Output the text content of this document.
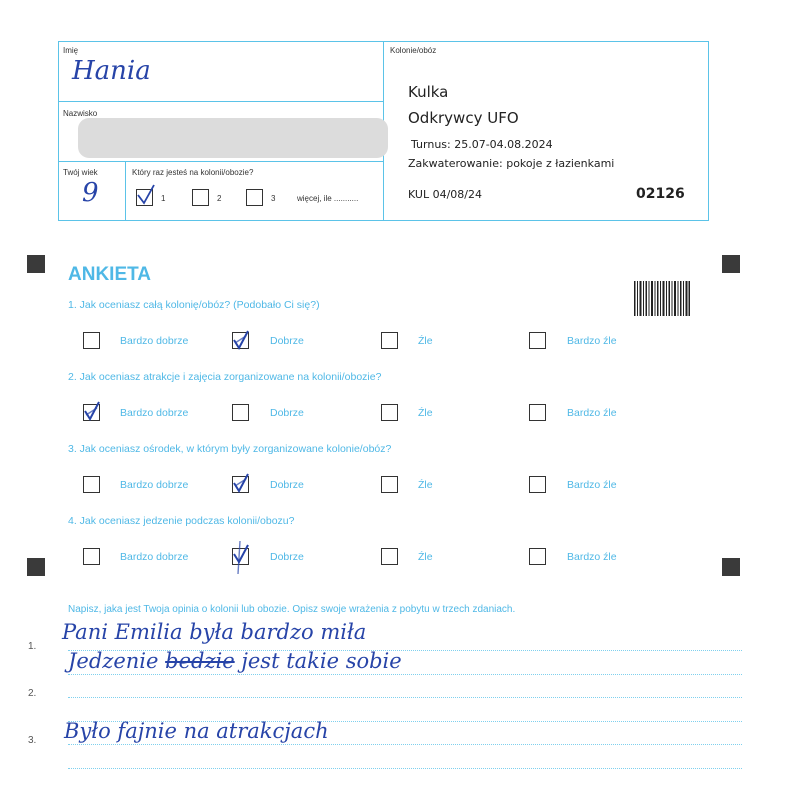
Imię
Hania
Nazwisko
Twój wiek
9
Który raz jesteś na kolonii/obozie?
1	2	3	więcej, ile ...........
Kolonie/obóz
Kulka
Odkrywcy UFO
Turnus: 25.07-04.08.2024
Zakwaterowanie: pokoje z łazienkami
KUL 04/08/24	02126
ANKIETA
1. Jak oceniasz całą kolonię/obóz? (Podobało Ci się?)
Bardzo dobrze	Dobrze	Źle	Bardzo źle
2. Jak oceniasz atrakcje i zajęcia zorganizowane na kolonii/obozie?
Bardzo dobrze	Dobrze	Źle	Bardzo źle
3. Jak oceniasz ośrodek, w którym były zorganizowane kolonie/obóz?
Bardzo dobrze	Dobrze	Źle	Bardzo źle
4. Jak oceniasz jedzenie podczas kolonii/obozu?
Bardzo dobrze	Dobrze	Źle	Bardzo źle
Napisz, jaka jest Twoja opinia o kolonii lub obozie. Opisz swoje wrażenia z pobytu w trzech zdaniach.
1.
Pani Emilia była bardzo miła
Jedzenie bedzie jest takie sobie
2.
3. Było fajnie na atrakcjach
